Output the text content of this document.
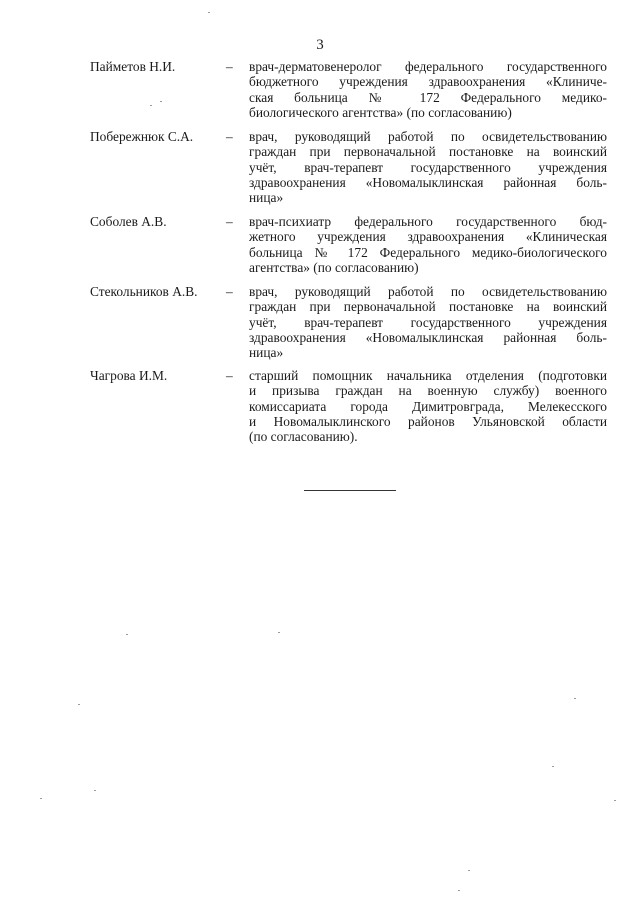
3
Пайметов Н.И.	– врач-дерматовенеролог федерального государственного
бюджетного учреждения здравоохранения «Клиниче-
ская больница № 172 Федерального медико-
биологического агентства» (по согласованию)
Побережнюк С.А. – врач, руководящий работой по освидетельствованию
граждан при первоначальной постановке на воинский
учёт, врач-терапевт государственного учреждения
здравоохранения «Новомалыклинская районная боль-
ница»
Соболев А.В.	– врач-психиатр федерального государственного бюд-
жетного учреждения здравоохранения «Клиническая
больница № 172 Федерального медико-биологического
агентства» (по согласованию)
Стекольников А.В. – врач, руководящий работой по освидетельствованию
граждан при первоначальной постановке на воинский
учёт, врач-терапевт государственного учреждения
здравоохранения «Новомалыклинская районная боль-
ница»
Чагрова И.М.	– старший помощник начальника отделения (подготовки
и призыва граждан на военную службу) военного
комиссариата города Димитровграда, Мелекесского
и Новомалыклинского районов Ульяновской области
(по согласованию).
